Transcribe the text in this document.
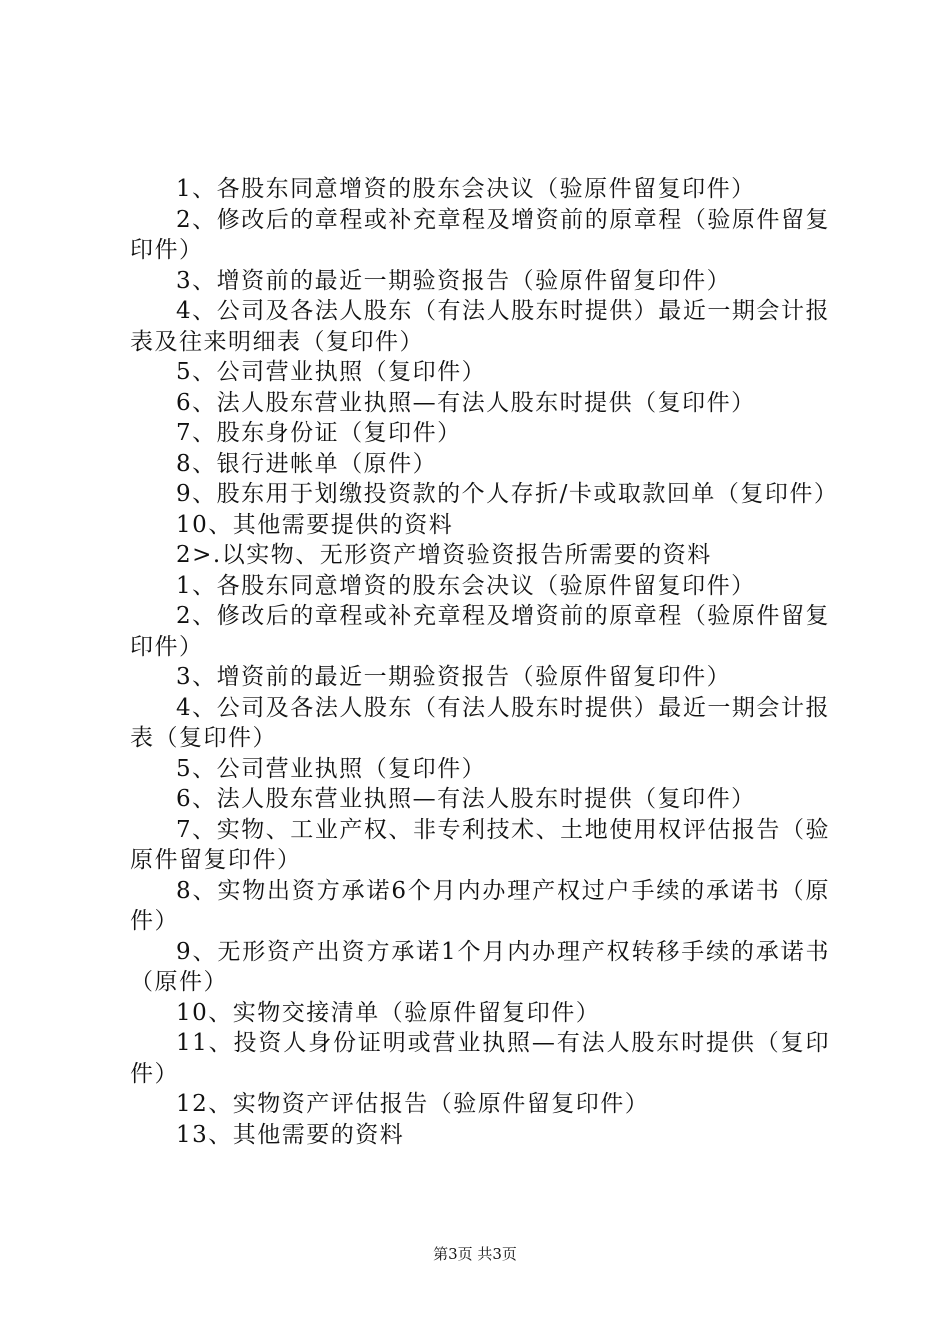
1、各股东同意增资的股东会决议（验原件留复印件）

2、修改后的章程或补充章程及增资前的原章程（验原件留复印件）

3、增资前的最近一期验资报告（验原件留复印件）

4、公司及各法人股东（有法人股东时提供）最近一期会计报表及往来明细表（复印件）

5、公司营业执照（复印件）

6、法人股东营业执照—有法人股东时提供（复印件）

7、股东身份证（复印件）

8、银行进帐单（原件）

9、股东用于划缴投资款的个人存折/卡或取款回单（复印件）

10、其他需要提供的资料

2>.以实物、无形资产增资验资报告所需要的资料

1、各股东同意增资的股东会决议（验原件留复印件）

2、修改后的章程或补充章程及增资前的原章程（验原件留复印件）

3、增资前的最近一期验资报告（验原件留复印件）

4、公司及各法人股东（有法人股东时提供）最近一期会计报表（复印件）

5、公司营业执照（复印件）

6、法人股东营业执照—有法人股东时提供（复印件）

7、实物、工业产权、非专利技术、土地使用权评估报告（验原件留复印件）

8、实物出资方承诺6个月内办理产权过户手续的承诺书（原件）

9、无形资产出资方承诺1个月内办理产权转移手续的承诺书（原件）

10、实物交接清单（验原件留复印件）

11、投资人身份证明或营业执照—有法人股东时提供（复印件）

12、实物资产评估报告（验原件留复印件）

13、其他需要的资料

第3页 共3页
